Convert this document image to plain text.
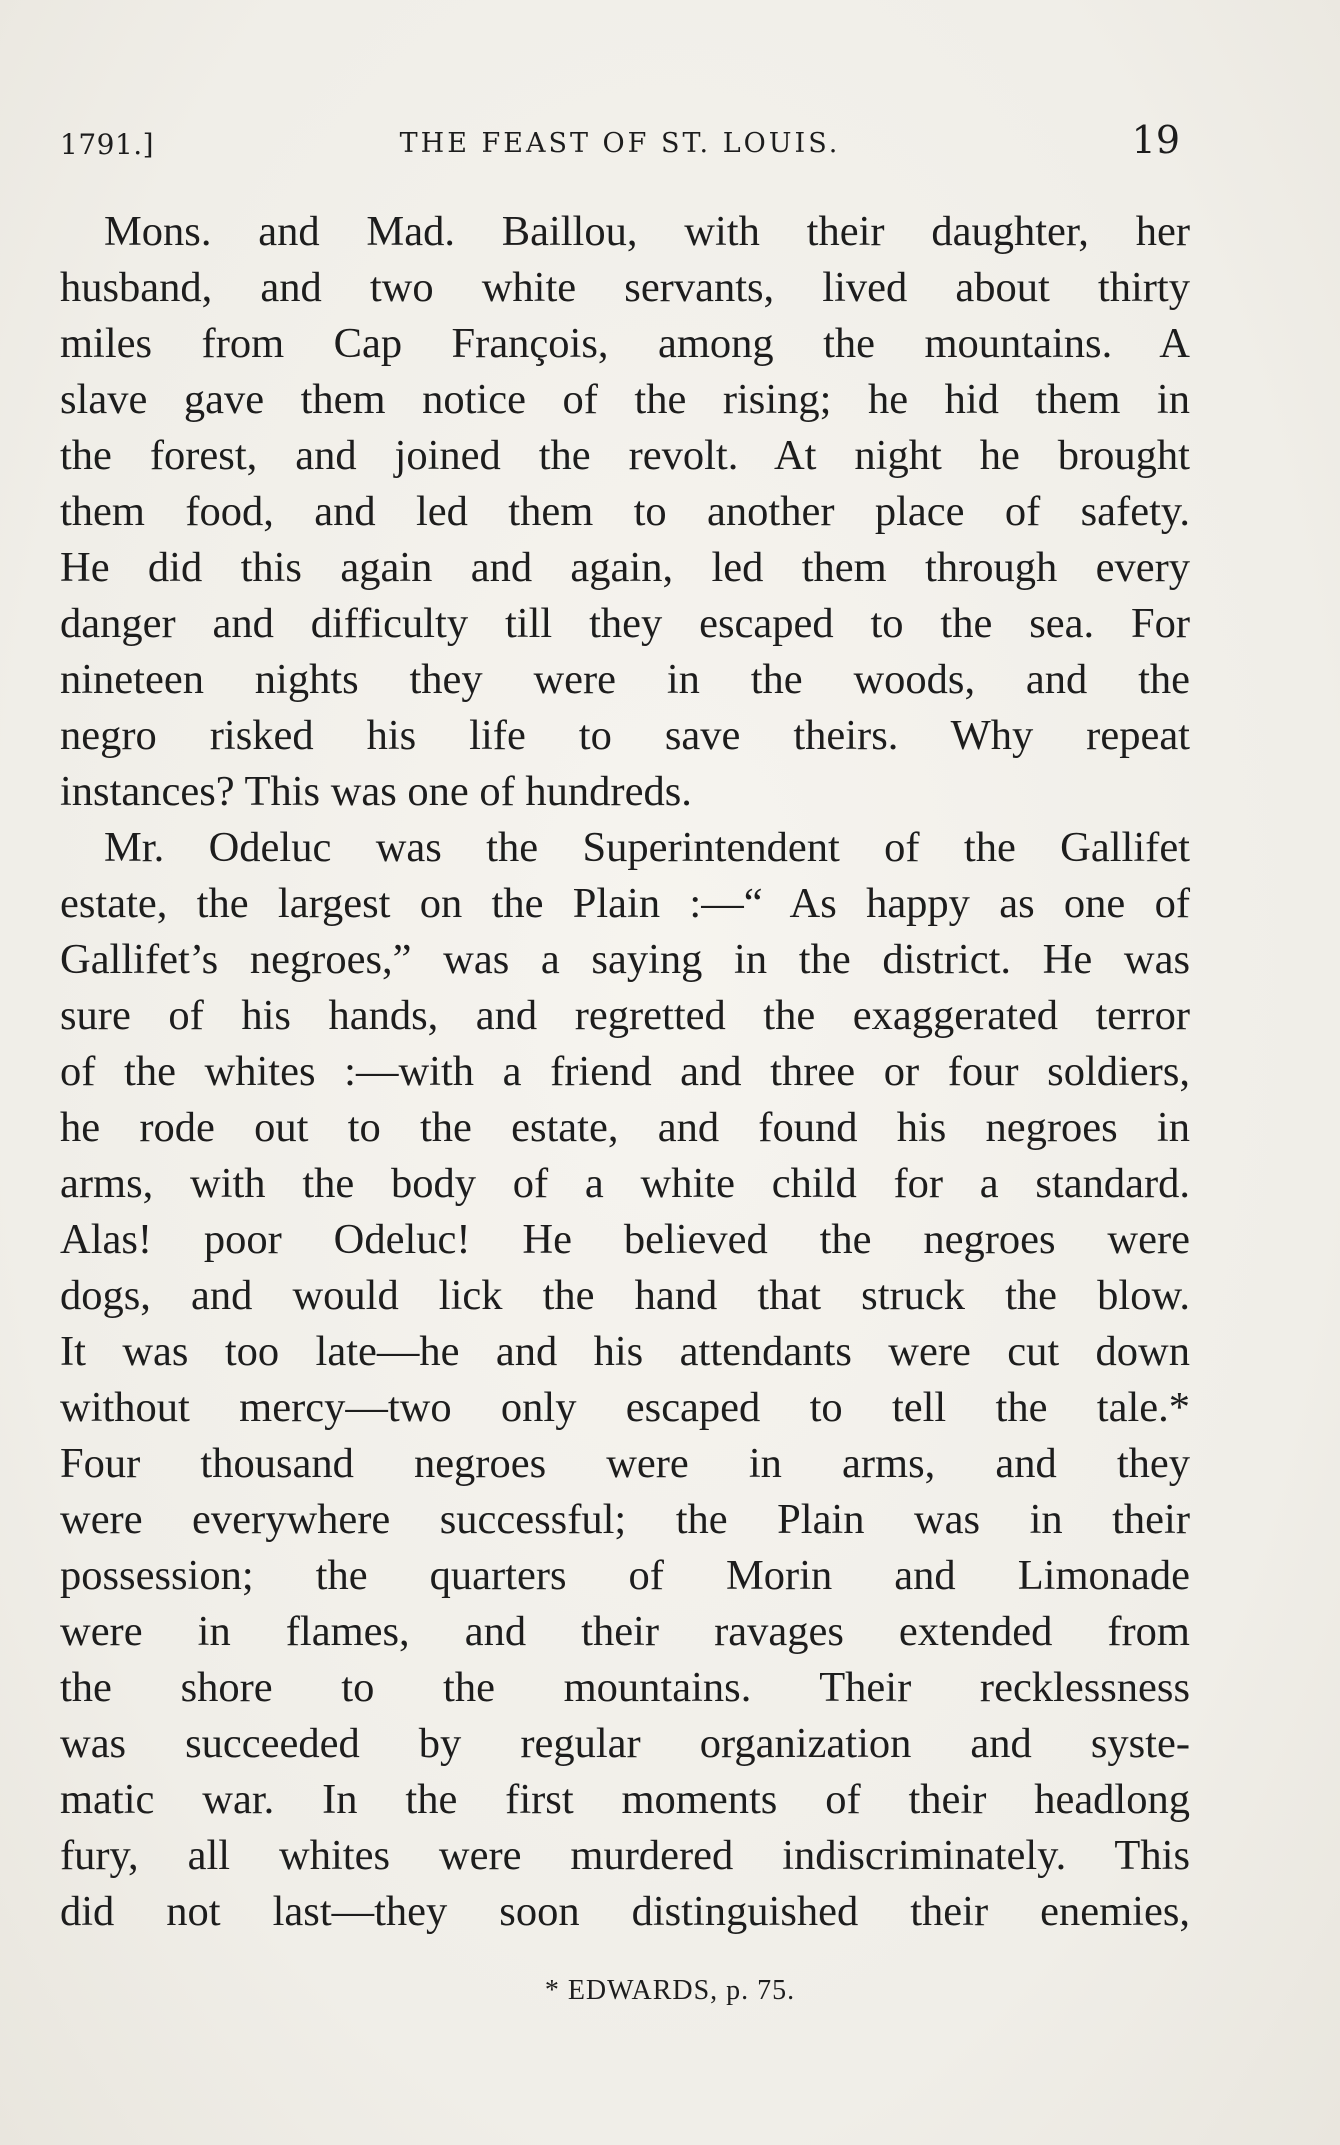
1791.]	THE FEAST OF ST. LOUIS.	19

Mons. and Mad. Baillou, with their daughter, her
husband, and two white servants, lived about thirty
miles from Cap François, among the mountains. A
slave gave them notice of the rising; he hid them in
the forest, and joined the revolt. At night he brought
them food, and led them to another place of safety.
He did this again and again, led them through every
danger and difficulty till they escaped to the sea. For
nineteen nights they were in the woods, and the
negro risked his life to save theirs. Why repeat
instances? This was one of hundreds.

Mr. Odeluc was the Superintendent of the Gallifet
estate, the largest on the Plain :—“ As happy as one of
Gallifet’s negroes,” was a saying in the district. He was
sure of his hands, and regretted the exaggerated terror
of the whites :—with a friend and three or four soldiers,
he rode out to the estate, and found his negroes in
arms, with the body of a white child for a standard.
Alas! poor Odeluc! He believed the negroes were
dogs, and would lick the hand that struck the blow.
It was too late—he and his attendants were cut down
without mercy—two only escaped to tell the tale.*
Four thousand negroes were in arms, and they
were everywhere successful; the Plain was in their
possession; the quarters of Morin and Limonade
were in flames, and their ravages extended from
the shore to the mountains. Their recklessness
was succeeded by regular organization and syste-
matic war. In the first moments of their headlong
fury, all whites were murdered indiscriminately. This
did not last—they soon distinguished their enemies,

* EDWARDS, p. 75.
